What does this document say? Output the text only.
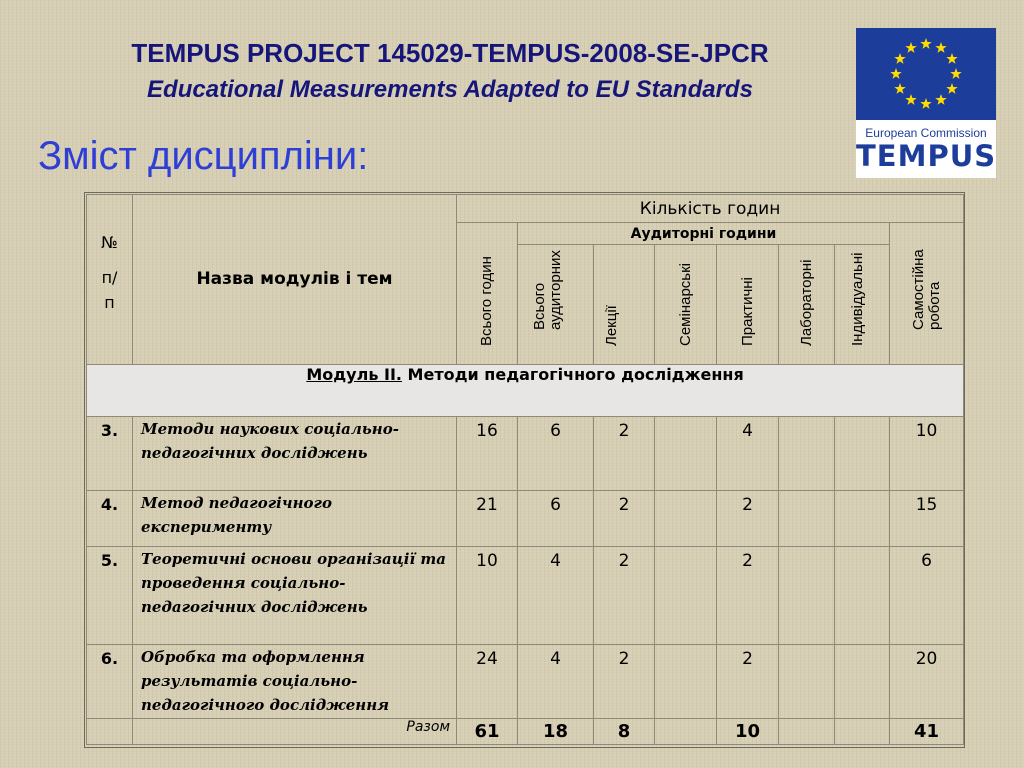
TEMPUS PROJECT 145029-TEMPUS-2008-SE-JPCR
Educational Measurements Adapted to EU Standards
Зміст дисципліни:
European Commission
TEMPUS
№
п/
п	Назва модулів і тем	Кількість годин							

		Всього годин	Аудиторні години						Самостійна робота

			Всього аудиторних	Лекції	Семінарські	Практичні	Лабораторні	Індивідуальні	

Модуль ІІ. Методи педагогічного дослідження									
3.	Методи наукових соціально-педагогічних досліджень	16	6	2		4			10
4.	Метод педагогічного експерименту	21	6	2		2			15
5.	Теоретичні основи організації та проведення соціально-педагогічних досліджень	10	4	2		2			6
6.	Обробка та оформлення результатів соціально-педагогічного дослідження	24	4	2		2			20
	Разом	61	18	8		10			41
